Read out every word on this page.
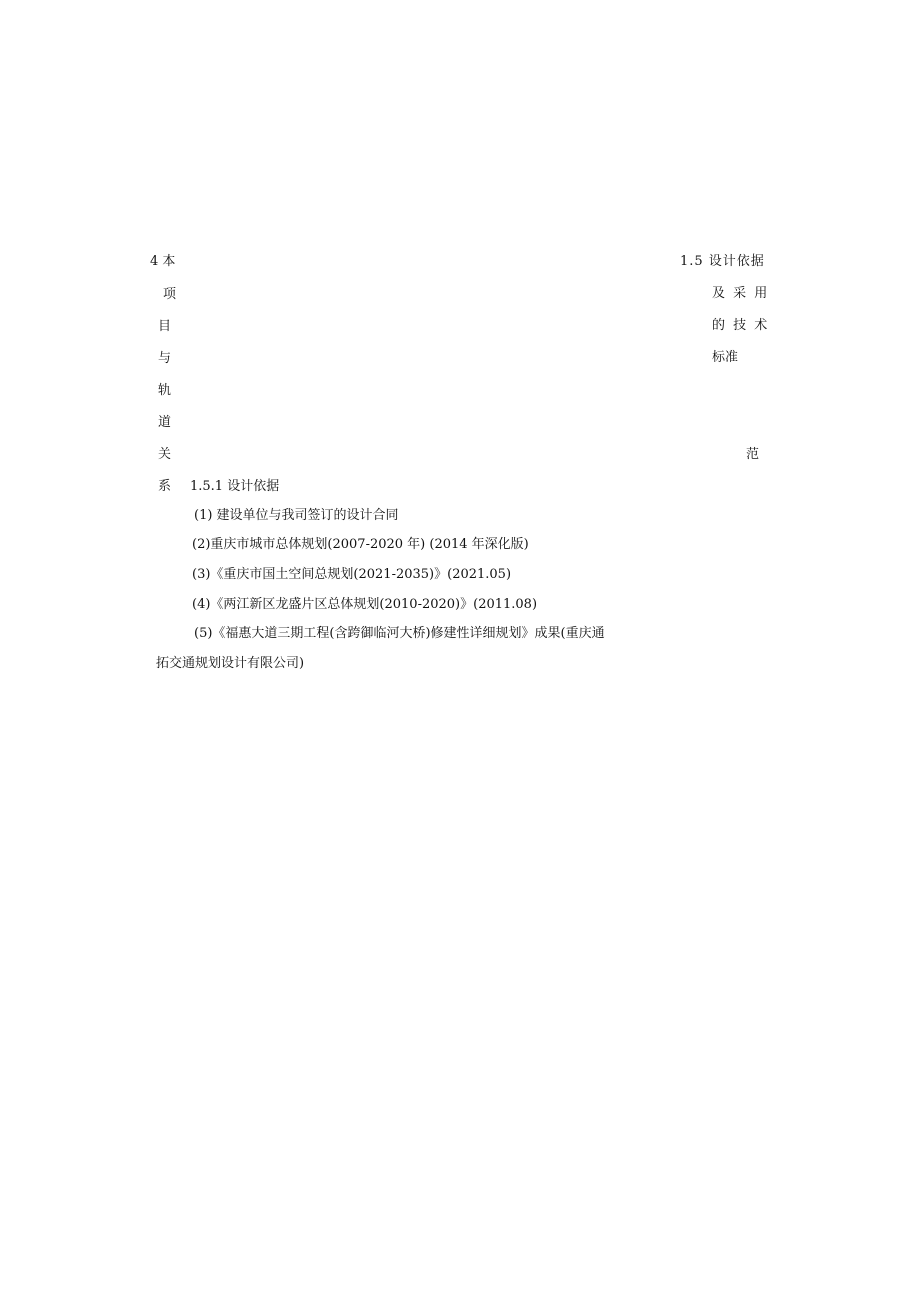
4 本
项
目
与
轨
道
关
系
1.5 设计依据
及 采 用
的 技 术
标准
范
1.5.1 设计依据
(1) 建设单位与我司签订的设计合同
(2)重庆市城市总体规划(2007-2020 年) (2014 年深化版)
(3)《重庆市国土空间总规划(2021-2035)》(2021.05)
(4)《两江新区龙盛片区总体规划(2010-2020)》(2011.08)
(5)《福惠大道三期工程(含跨御临河大桥)修建性详细规划》成果(重庆通
拓交通规划设计有限公司)
